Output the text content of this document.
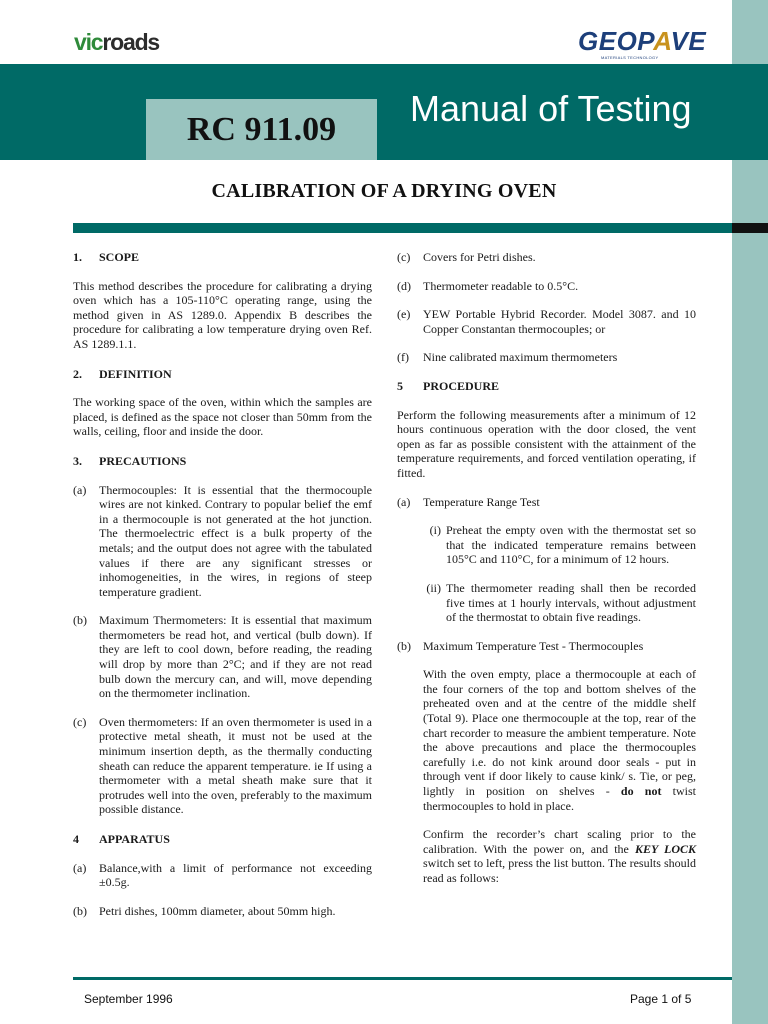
vicroads	GEOPAVE
MATERIALS TECHNOLOGY
RC 911.09 Manual of Testing
CALIBRATION OF A DRYING OVEN
1.	SCOPE

This method describes the procedure for calibrating a drying oven which has a 105-110°C operating range, using the method given in AS 1289.0. Appendix B describes the procedure for calibrating a low temperature drying oven Ref. AS 1289.1.1.

2.	DEFINITION

The working space of the oven, within which the samples are placed, is defined as the space not closer than 50mm from the walls, ceiling, floor and inside the door.

3.	PRECAUTIONS
(a)	Thermocouples: It is essential that the thermocouple wires are not kinked. Contrary to popular belief the emf in a thermocouple is not generated at the hot junction. The thermoelectric effect is a bulk property of the metals; and the output does not agree with the tabulated values if there are any significant stresses or inhomogeneities, in the wires, in regions of steep temperature gradient.
(b)	Maximum Thermometers: It is essential that maximum thermometers be read hot, and vertical (bulb down). If they are left to cool down, before reading, the reading will drop by more than 2°C; and if they are not read bulb down the mercury can, and will, move depending on the thermometer inclination.
(c)	Oven thermometers: If an oven thermometer is used in a protective metal sheath, it must not be used at the minimum insertion depth, as the thermally conducting sheath can reduce the apparent temperature. ie If using a thermometer with a metal sheath make sure that it protrudes well into the oven, preferably to the maximum possible distance.
4	APPARATUS
(a)	Balance,with a limit of performance not exceeding ±0.5g.
(b)	Petri dishes, 100mm diameter, about 50mm high.
(c)	Covers for Petri dishes.
(d)	Thermometer readable to 0.5°C.
(e)	YEW Portable Hybrid Recorder. Model 3087. and 10 Copper Constantan thermocouples; or
(f)	Nine calibrated maximum thermometers
5	PROCEDURE

Perform the following measurements after a minimum of 12 hours continuous operation with the door closed, the vent open as far as possible consistent with the attainment of the temperature requirements, and forced ventilation operating, if fitted.

(a)	Temperature Range Test
(i) Preheat the empty oven with the thermostat set so that the indicated temperature remains between 105°C and 110°C, for a minimum of 12 hours.
(ii) The thermometer reading shall then be recorded five times at 1 hourly intervals, without adjustment of the thermostat to obtain five readings.
(b)	Maximum Temperature Test - Thermocouples

With the oven empty, place a thermocouple at each of the four corners of the top and bottom shelves of the preheated oven and at the centre of the middle shelf (Total 9). Place one thermocouple at the top, rear of the chart recorder to measure the ambient temperature. Note the above precautions and place the thermocouples carefully i.e. do not kink around door seals - put in through vent if door likely to cause kink/ s. Tie, or peg, lightly in position on shelves - do not twist thermocouples to hold in place.

Confirm the recorder’s chart scaling prior to the calibration. With the power on, and the KEY LOCK switch set to left, press the list button. The results should read as follows:

September 1996	Page 1 of 5
